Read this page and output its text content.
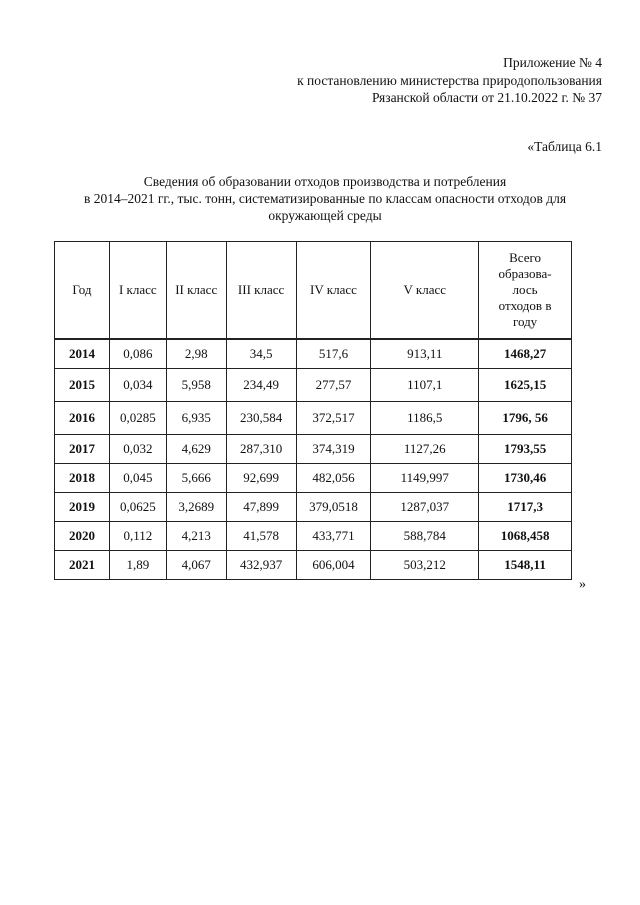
Приложение № 4
к постановлению министерства природопользования
Рязанской области от 21.10.2022 г. № 37
«Таблица 6.1
Сведения об образовании отходов производства и потребления
в 2014–2021 гг., тыс. тонн, систематизированные по классам опасности отходов для
окружающей среды
Год	I класс	II класс	III класс	IV класс	V класс	Всего
образова-
лось
отходов в
году

2014	0,086	2,98	34,5	517,6	913,11	1468,27
2015	0,034	5,958	234,49	277,57	1107,1	1625,15
2016	0,0285	6,935	230,584	372,517	1186,5	1796, 56
2017	0,032	4,629	287,310	374,319	1127,26	1793,55
2018	0,045	5,666	92,699	482,056	1149,997	1730,46
2019	0,0625	3,2689	47,899	379,0518	1287,037	1717,3
2020	0,112	4,213	41,578	433,771	588,784	1068,458
2021	1,89	4,067	432,937	606,004	503,212	1548,11
»
